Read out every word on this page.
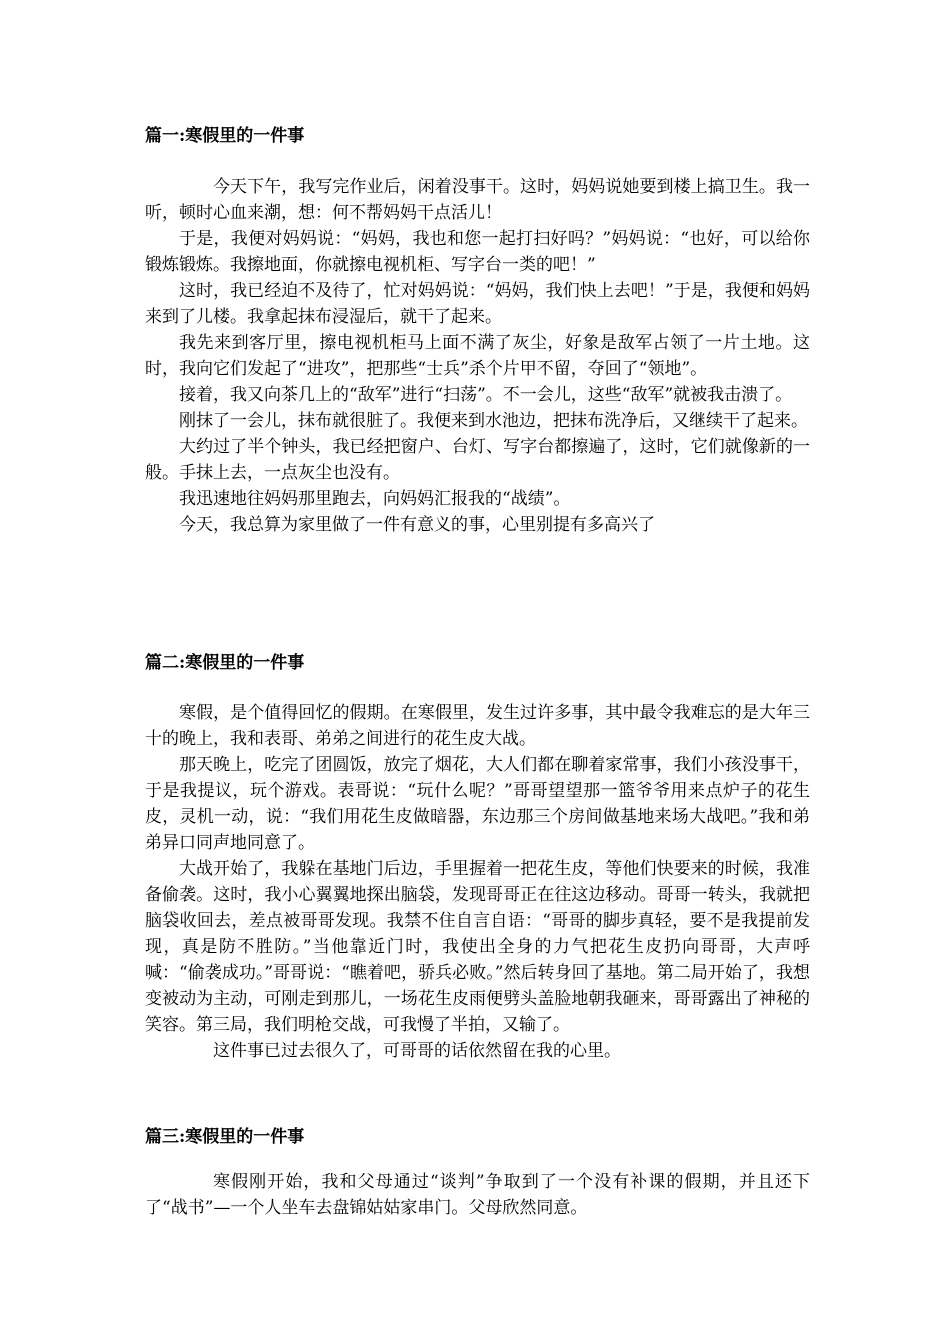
篇一:寒假里的一件事

今天下午，我写完作业后，闲着没事干。这时，妈妈说她要到楼上搞卫生。我一听，顿时心血来潮，想：何不帮妈妈干点活儿！

于是，我便对妈妈说：“妈妈，我也和您一起打扫好吗？”妈妈说：“也好，可以给你锻炼锻炼。我擦地面，你就擦电视机柜、写字台一类的吧！”

这时，我已经迫不及待了，忙对妈妈说：“妈妈，我们快上去吧！”于是，我便和妈妈来到了儿楼。我拿起抹布浸湿后，就干了起来。

我先来到客厅里，擦电视机柜马上面不满了灰尘，好象是敌军占领了一片土地。这时，我向它们发起了“进攻”，把那些“士兵”杀个片甲不留，夺回了“领地”。

接着，我又向茶几上的“敌军”进行“扫荡”。不一会儿，这些“敌军”就被我击溃了。

刚抹了一会儿，抹布就很脏了。我便来到水池边，把抹布洗净后，又继续干了起来。

大约过了半个钟头，我已经把窗户、台灯、写字台都擦遍了，这时，它们就像新的一般。手抹上去，一点灰尘也没有。

我迅速地往妈妈那里跑去，向妈妈汇报我的“战绩”。

今天，我总算为家里做了一件有意义的事，心里别提有多高兴了

篇二:寒假里的一件事

寒假，是个值得回忆的假期。在寒假里，发生过许多事，其中最令我难忘的是大年三十的晚上，我和表哥、弟弟之间进行的花生皮大战。

那天晚上，吃完了团圆饭，放完了烟花，大人们都在聊着家常事，我们小孩没事干，于是我提议，玩个游戏。表哥说：“玩什么呢？”哥哥望望那一篮爷爷用来点炉子的花生皮，灵机一动，说：“我们用花生皮做暗器，东边那三个房间做基地来场大战吧。”我和弟弟异口同声地同意了。

大战开始了，我躲在基地门后边，手里握着一把花生皮，等他们快要来的时候，我准备偷袭。这时，我小心翼翼地探出脑袋，发现哥哥正在往这边移动。哥哥一转头，我就把脑袋收回去，差点被哥哥发现。我禁不住自言自语：“哥哥的脚步真轻，要不是我提前发现，真是防不胜防。”当他靠近门时，我使出全身的力气把花生皮扔向哥哥，大声呼喊：“偷袭成功。”哥哥说：“瞧着吧，骄兵必败。”然后转身回了基地。第二局开始了，我想变被动为主动，可刚走到那儿，一场花生皮雨便劈头盖脸地朝我砸来，哥哥露出了神秘的笑容。第三局，我们明枪交战，可我慢了半拍，又输了。

这件事已过去很久了，可哥哥的话依然留在我的心里。

篇三:寒假里的一件事

寒假刚开始，我和父母通过“谈判”争取到了一个没有补课的假期，并且还下了“战书”—一个人坐车去盘锦姑姑家串门。父母欣然同意。
